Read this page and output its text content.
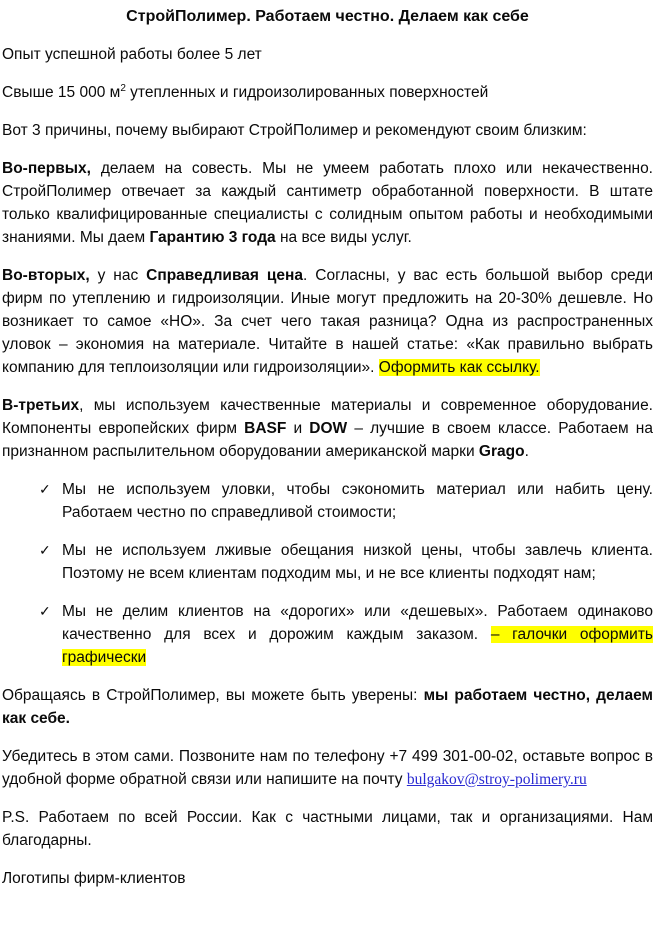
СтройПолимер. Работаем честно. Делаем как себе

Опыт успешной работы более 5 лет

Свыше 15 000 $м^2$ утепленных и гидроизолированных поверхностей

Вот 3 причины, почему выбирают СтройПолимер и рекомендуют своим близким:

Во-первых, делаем на совесть. Мы не умеем работать плохо или некачественно. СтройПолимер отвечает за каждый сантиметр обработанной поверхности. В штате только квалифицированные специалисты с солидным опытом работы и необходимыми знаниями. Мы даем Гарантию 3 года на все виды услуг.

Во-вторых, у нас Справедливая цена. Согласны, у вас есть большой выбор среди фирм по утеплению и гидроизоляции. Иные могут предложить на 20-30% дешевле. Но возникает то самое «НО». За счет чего такая разница? Одна из распространенных уловок – экономия на материале. Читайте в нашей статье: «Как правильно выбрать компанию для теплоизоляции или гидроизоляции». Оформить как ссылку.

В-третьих, мы используем качественные материалы и современное оборудование. Компоненты европейских фирм BASF и DOW – лучшие в своем классе. Работаем на признанном распылительном оборудовании американской марки Grago.

✓ Мы не используем уловки, чтобы сэкономить материал или набить цену. Работаем честно по справедливой стоимости;
✓ Мы не используем лживые обещания низкой цены, чтобы завлечь клиента. Поэтому не всем клиентам подходим мы, и не все клиенты подходят нам;
✓ Мы не делим клиентов на «дорогих» или «дешевых». Работаем одинаково качественно для всех и дорожим каждым заказом. – галочки оформить графически

Обращаясь в СтройПолимер, вы можете быть уверены: мы работаем честно, делаем как себе.

Убедитесь в этом сами. Позвоните нам по телефону +7 499 301-00-02, оставьте вопрос в удобной форме обратной связи или напишите на почту bulgakov@stroy-polimery.ru

P.S. Работаем по всей России. Как с частными лицами, так и организациями. Нам благодарны.

Логотипы фирм-клиентов
